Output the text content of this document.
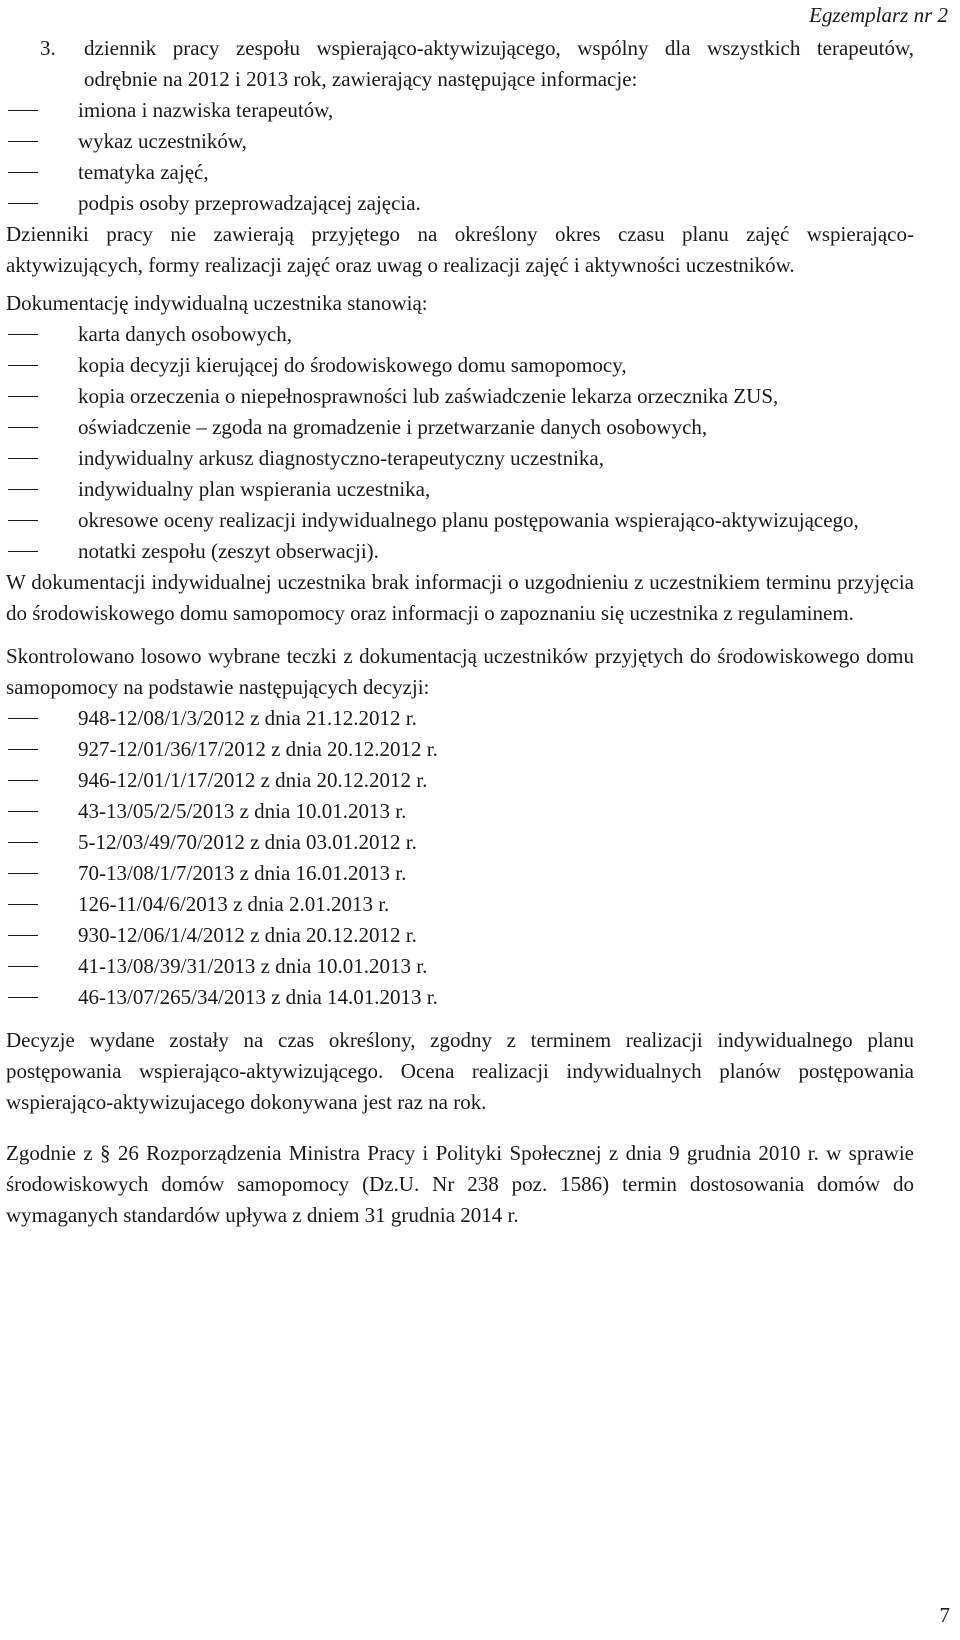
Egzemplarz nr 2
3. dziennik pracy zespołu wspierająco-aktywizującego, wspólny dla wszystkich terapeutów, odrębnie na 2012 i 2013 rok, zawierający następujące informacje:
imiona i nazwiska terapeutów,
wykaz uczestników,
tematyka zajęć,
podpis osoby przeprowadzającej zajęcia.

Dzienniki pracy nie zawierają przyjętego na określony okres czasu planu zajęć wspierająco-aktywizujących, formy realizacji zajęć oraz uwag o realizacji zajęć i aktywności uczestników.

Dokumentację indywidualną uczestnika stanowią:

karta danych osobowych,
kopia decyzji kierującej do środowiskowego domu samopomocy,
kopia orzeczenia o niepełnosprawności lub zaświadczenie lekarza orzecznika ZUS,
oświadczenie – zgoda na gromadzenie i przetwarzanie danych osobowych,
indywidualny arkusz diagnostyczno-terapeutyczny uczestnika,
indywidualny plan wspierania uczestnika,
okresowe oceny realizacji indywidualnego planu postępowania wspierająco-aktywizującego,
notatki zespołu (zeszyt obserwacji).

W dokumentacji indywidualnej uczestnika brak informacji o uzgodnieniu z uczestnikiem terminu przyjęcia do środowiskowego domu samopomocy oraz informacji o zapoznaniu się uczestnika z regulaminem.

Skontrolowano losowo wybrane teczki z dokumentacją uczestników przyjętych do środowiskowego domu samopomocy na podstawie następujących decyzji:

948-12/08/1/3/2012 z dnia 21.12.2012 r.
927-12/01/36/17/2012 z dnia 20.12.2012 r.
946-12/01/1/17/2012 z dnia 20.12.2012 r.
43-13/05/2/5/2013 z dnia 10.01.2013 r.
5-12/03/49/70/2012 z dnia 03.01.2012 r.
70-13/08/1/7/2013 z dnia 16.01.2013 r.
126-11/04/6/2013 z dnia 2.01.2013 r.
930-12/06/1/4/2012 z dnia 20.12.2012 r.
41-13/08/39/31/2013 z dnia 10.01.2013 r.
46-13/07/265/34/2013 z dnia 14.01.2013 r.

Decyzje wydane zostały na czas określony, zgodny z terminem realizacji indywidualnego planu postępowania wspierająco-aktywizującego. Ocena realizacji indywidualnych planów postępowania wspierająco-aktywizujacego dokonywana jest raz na rok.

Zgodnie z § 26 Rozporządzenia Ministra Pracy i Polityki Społecznej z dnia 9 grudnia 2010 r. w sprawie środowiskowych domów samopomocy (Dz.U. Nr 238 poz. 1586) termin dostosowania domów do wymaganych standardów upływa z dniem 31 grudnia 2014 r.

7
